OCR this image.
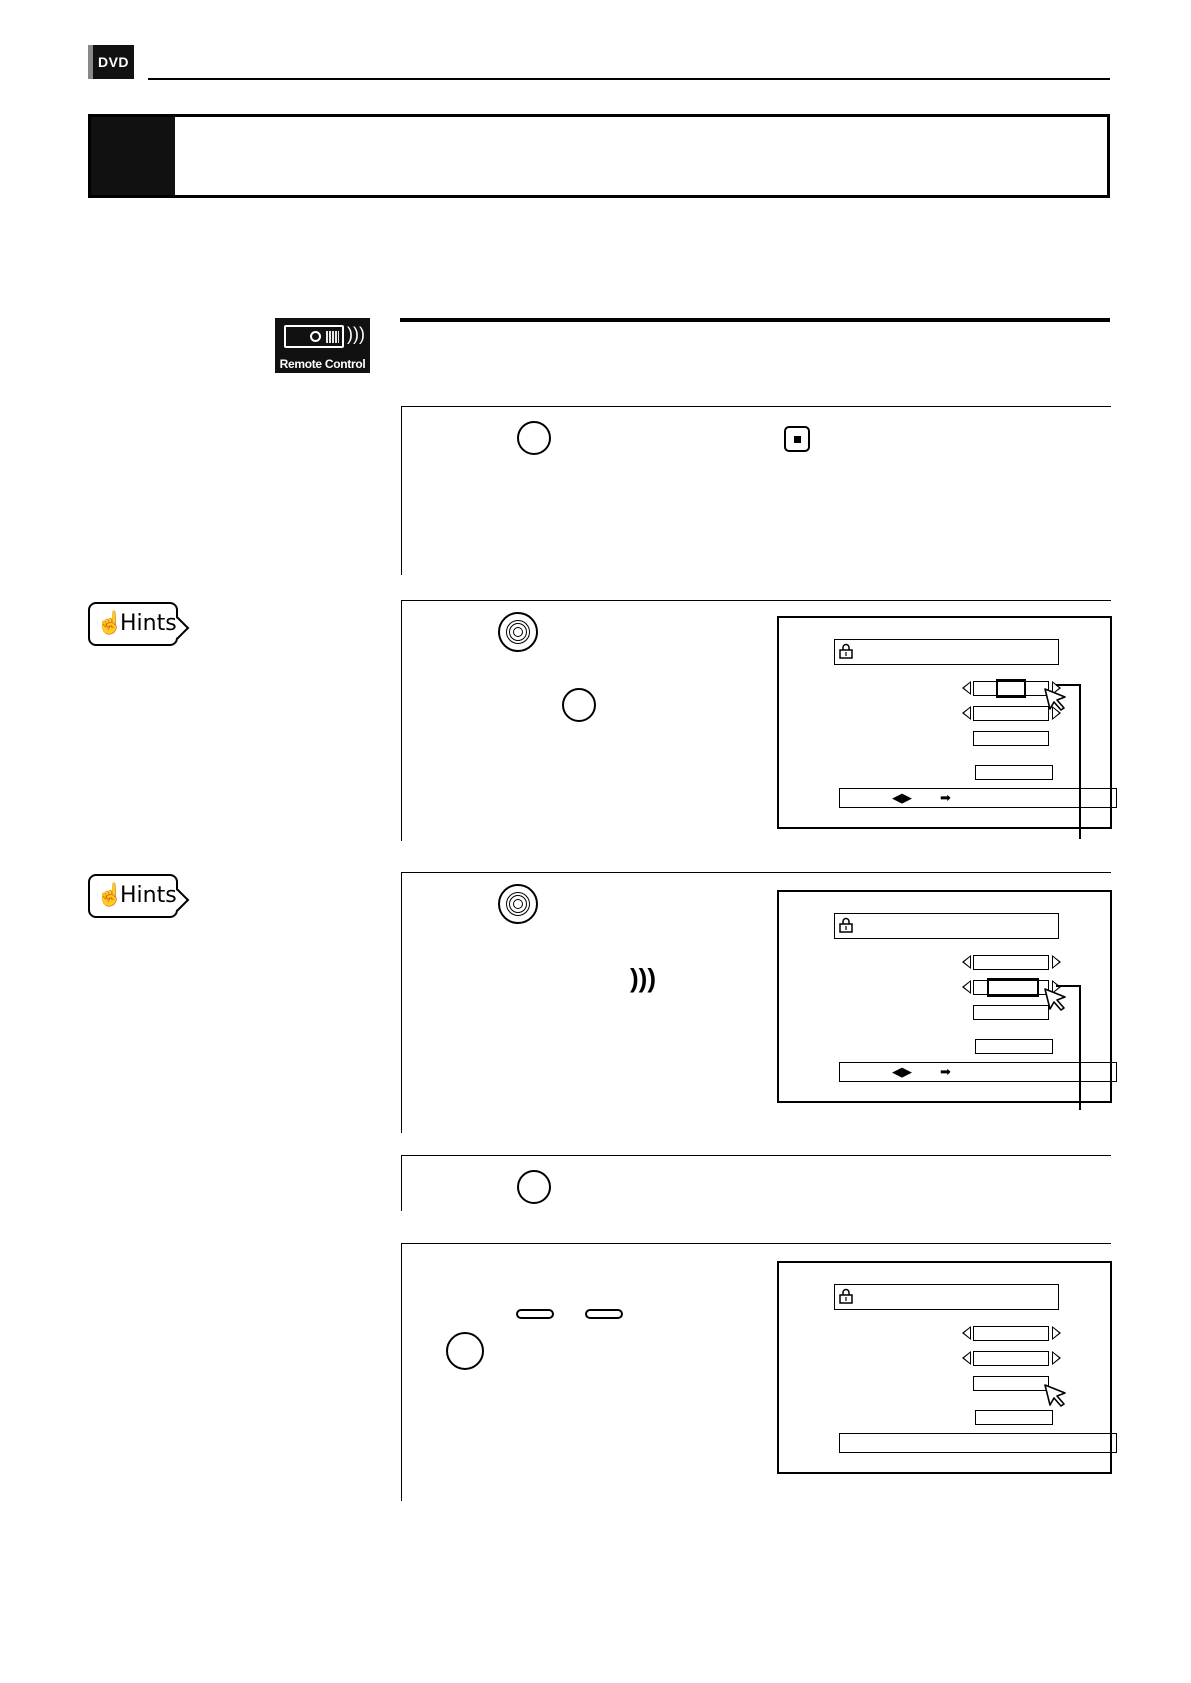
DVD
)))
Remote Control
☝
Hints
◀▶ ➡
☝
Hints
)))
◀▶ ➡
